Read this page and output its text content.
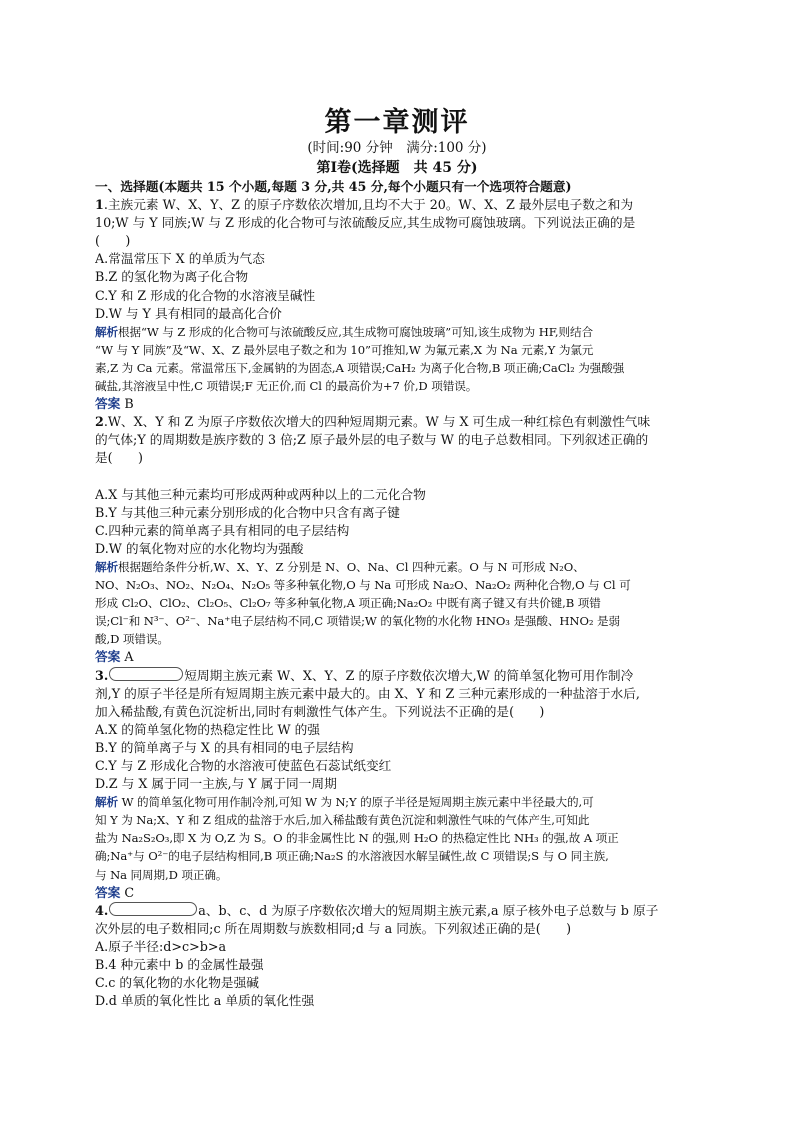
第一章测评
(时间:90 分钟　满分:100 分)
第Ⅰ卷(选择题　共 45 分)
一、选择题(本题共 15 个小题,每题 3 分,共 45 分,每个小题只有一个选项符合题意)
1.主族元素 W、X、Y、Z 的原子序数依次增加,且均不大于 20。W、X、Z 最外层电子数之和为
10;W 与 Y 同族;W 与 Z 形成的化合物可与浓硫酸反应,其生成物可腐蚀玻璃。下列说法正确的是
(　　)
A.常温常压下 X 的单质为气态
B.Z 的氢化物为离子化合物
C.Y 和 Z 形成的化合物的水溶液呈碱性
D.W 与 Y 具有相同的最高化合价
解析根据“W 与 Z 形成的化合物可与浓硫酸反应,其生成物可腐蚀玻璃”可知,该生成物为 HF,则结合
“W 与 Y 同族”及“W、X、Z 最外层电子数之和为 10”可推知,W 为氟元素,X 为 Na 元素,Y 为氯元
素,Z 为 Ca 元素。常温常压下,金属钠的为固态,A 项错误;CaH₂ 为离子化合物,B 项正确;CaCl₂ 为强酸强
碱盐,其溶液呈中性,C 项错误;F 无正价,而 Cl 的最高价为+7 价,D 项错误。
答案 B
2.W、X、Y 和 Z 为原子序数依次增大的四种短周期元素。W 与 X 可生成一种红棕色有刺激性气味
的气体;Y 的周期数是族序数的 3 倍;Z 原子最外层的电子数与 W 的电子总数相同。下列叙述正确的
是(　　)
A.X 与其他三种元素均可形成两种或两种以上的二元化合物
B.Y 与其他三种元素分别形成的化合物中只含有离子键
C.四种元素的简单离子具有相同的电子层结构
D.W 的氧化物对应的水化物均为强酸
解析根据题给条件分析,W、X、Y、Z 分别是 N、O、Na、Cl 四种元素。O 与 N 可形成 N₂O、
NO、N₂O₃、NO₂、N₂O₄、N₂O₅ 等多种氧化物,O 与 Na 可形成 Na₂O、Na₂O₂ 两种化合物,O 与 Cl 可
形成 Cl₂O、ClO₂、Cl₂O₅、Cl₂O₇ 等多种氧化物,A 项正确;Na₂O₂ 中既有离子键又有共价键,B 项错
误;Cl⁻和 N³⁻、O²⁻、Na⁺电子层结构不同,C 项错误;W 的氧化物的水化物 HNO₃ 是强酸、HNO₂ 是弱
酸,D 项错误。
答案 A
3.	短周期主族元素 W、X、Y、Z 的原子序数依次增大,W 的简单氢化物可用作制冷
剂,Y 的原子半径是所有短周期主族元素中最大的。由 X、Y 和 Z 三种元素形成的一种盐溶于水后,
加入稀盐酸,有黄色沉淀析出,同时有刺激性气体产生。下列说法不正确的是(　　)
A.X 的简单氢化物的热稳定性比 W 的强
B.Y 的简单离子与 X 的具有相同的电子层结构
C.Y 与 Z 形成化合物的水溶液可使蓝色石蕊试纸变红
D.Z 与 X 属于同一主族,与 Y 属于同一周期
解析 W 的简单氢化物可用作制冷剂,可知 W 为 N;Y 的原子半径是短周期主族元素中半径最大的,可
知 Y 为 Na;X、Y 和 Z 组成的盐溶于水后,加入稀盐酸有黄色沉淀和刺激性气味的气体产生,可知此
盐为 Na₂S₂O₃,即 X 为 O,Z 为 S。O 的非金属性比 N 的强,则 H₂O 的热稳定性比 NH₃ 的强,故 A 项正
确;Na⁺与 O²⁻的电子层结构相同,B 项正确;Na₂S 的水溶液因水解呈碱性,故 C 项错误;S 与 O 同主族,
与 Na 同周期,D 项正确。
答案 C
4.	a、b、c、d 为原子序数依次增大的短周期主族元素,a 原子核外电子总数与 b 原子
次外层的电子数相同;c 所在周期数与族数相同;d 与 a 同族。下列叙述正确的是(　　)
A.原子半径:d>c>b>a
B.4 种元素中 b 的金属性最强
C.c 的氧化物的水化物是强碱
D.d 单质的氧化性比 a 单质的氧化性强
